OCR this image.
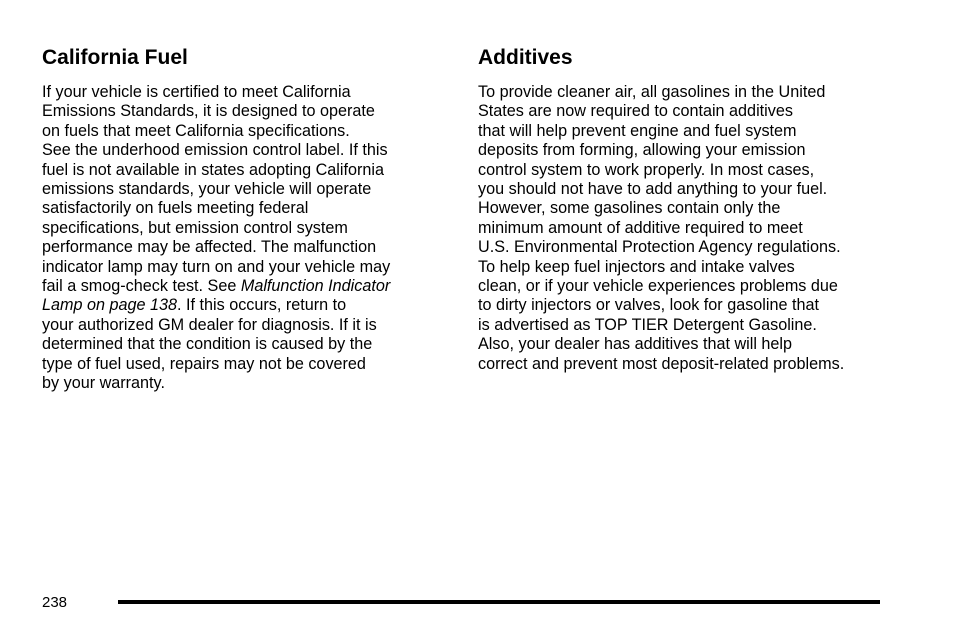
California Fuel

If your vehicle is certified to meet California
Emissions Standards, it is designed to operate
on fuels that meet California specifications.
See the underhood emission control label. If this
fuel is not available in states adopting California
emissions standards, your vehicle will operate
satisfactorily on fuels meeting federal
specifications, but emission control system
performance may be affected. The malfunction
indicator lamp may turn on and your vehicle may
fail a smog-check test. See Malfunction Indicator
Lamp on page 138. If this occurs, return to
your authorized GM dealer for diagnosis. If it is
determined that the condition is caused by the
type of fuel used, repairs may not be covered
by your warranty.

Additives

To provide cleaner air, all gasolines in the United
States are now required to contain additives
that will help prevent engine and fuel system
deposits from forming, allowing your emission
control system to work properly. In most cases,
you should not have to add anything to your fuel.
However, some gasolines contain only the
minimum amount of additive required to meet
U.S. Environmental Protection Agency regulations.
To help keep fuel injectors and intake valves
clean, or if your vehicle experiences problems due
to dirty injectors or valves, look for gasoline that
is advertised as TOP TIER Detergent Gasoline.
Also, your dealer has additives that will help
correct and prevent most deposit-related problems.

238
